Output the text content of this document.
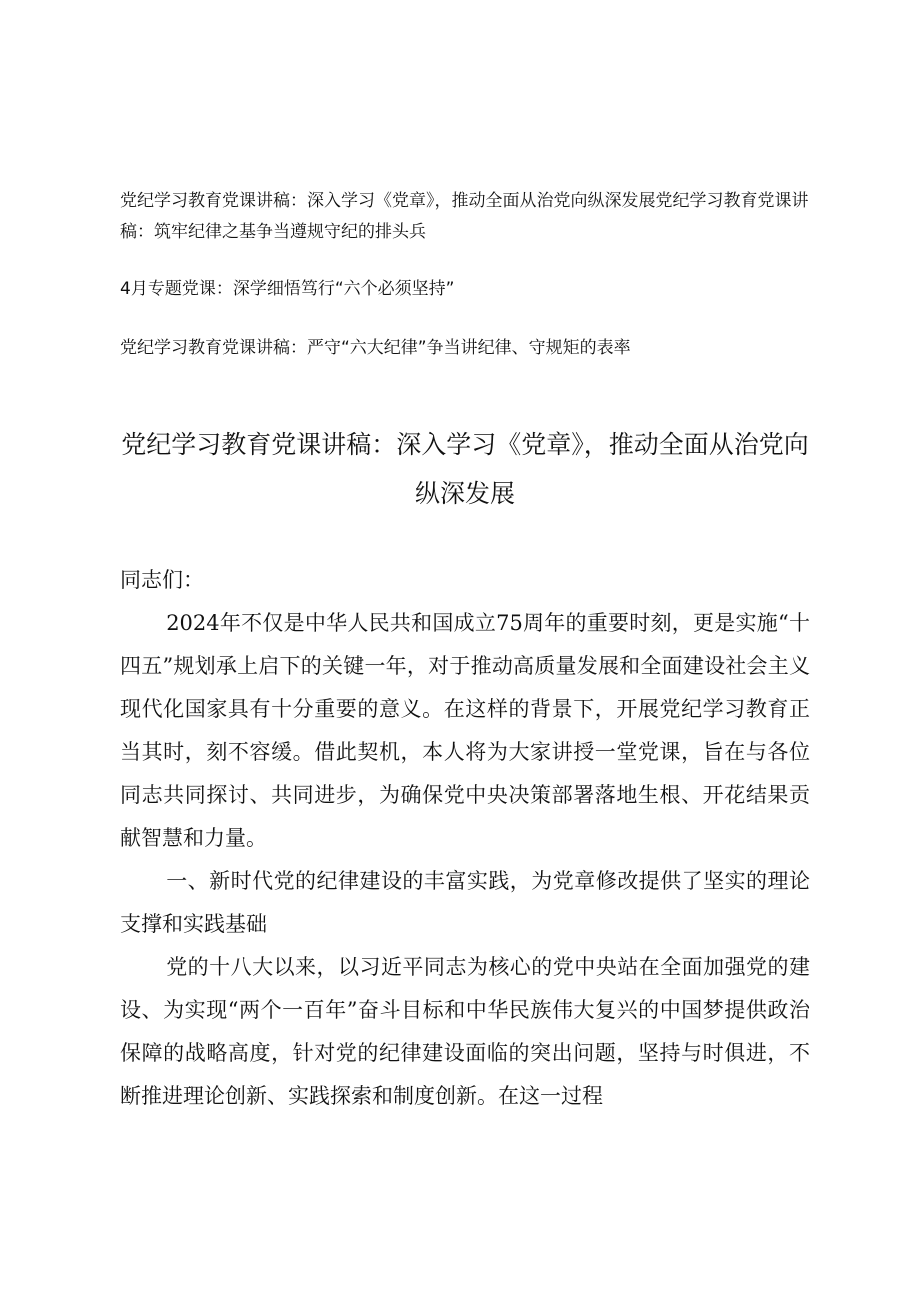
党纪学习教育党课讲稿：深入学习《党章》，推动全面从治党向纵深发展党纪学习教育党课讲稿：筑牢纪律之基争当遵规守纪的排头兵

4月专题党课：深学细悟笃行“六个必须坚持”

党纪学习教育党课讲稿：严守“六大纪律”争当讲纪律、守规矩的表率

党纪学习教育党课讲稿：深入学习《党章》，推动全面从治党向纵深发展

同志们：

2024年不仅是中华人民共和国成立75周年的重要时刻，更是实施“十四五”规划承上启下的关键一年，对于推动高质量发展和全面建设社会主义现代化国家具有十分重要的意义。在这样的背景下，开展党纪学习教育正当其时，刻不容缓。借此契机，本人将为大家讲授一堂党课，旨在与各位同志共同探讨、共同进步，为确保党中央决策部署落地生根、开花结果贡献智慧和力量。

一、新时代党的纪律建设的丰富实践，为党章修改提供了坚实的理论支撑和实践基础

党的十八大以来，以习近平同志为核心的党中央站在全面加强党的建设、为实现“两个一百年”奋斗目标和中华民族伟大复兴的中国梦提供政治保障的战略高度，针对党的纪律建设面临的突出问题，坚持与时俱进，不断推进理论创新、实践探索和制度创新。在这一过程
